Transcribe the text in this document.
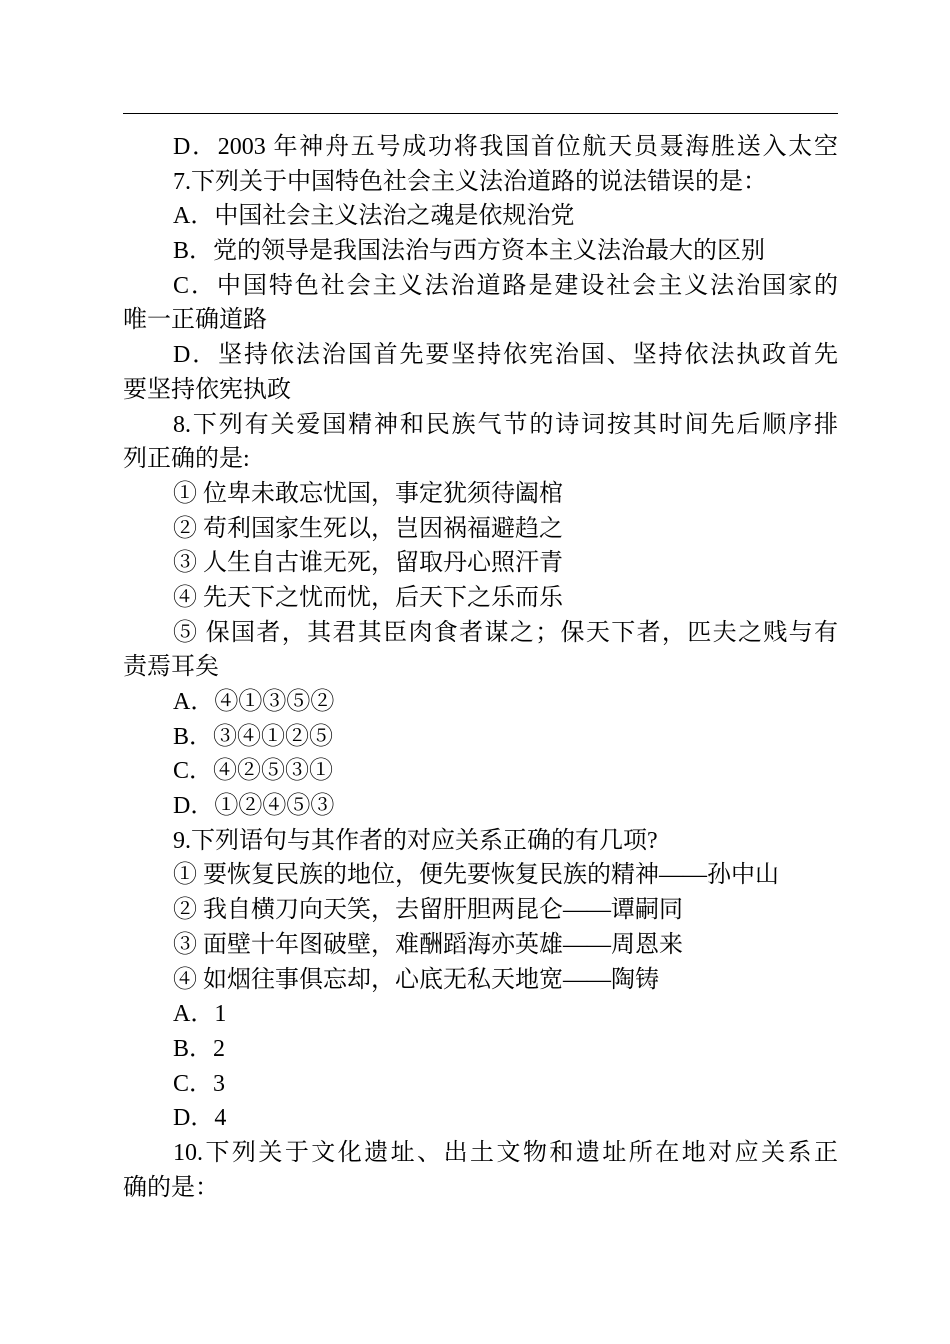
D．2003 年神舟五号成功将我国首位航天员聂海胜送入太空
7.下列关于中国特色社会主义法治道路的说法错误的是：
A．中国社会主义法治之魂是依规治党
B．党的领导是我国法治与西方资本主义法治最大的区别
C．中国特色社会主义法治道路是建设社会主义法治国家的
唯一正确道路
D．坚持依法治国首先要坚持依宪治国、坚持依法执政首先
要坚持依宪执政
8.下列有关爱国精神和民族气节的诗词按其时间先后顺序排
列正确的是:
① 位卑未敢忘忧国，事定犹须待阖棺
② 苟利国家生死以，岂因祸福避趋之
③ 人生自古谁无死，留取丹心照汗青
④ 先天下之忧而忧，后天下之乐而乐
⑤ 保国者，其君其臣肉食者谋之；保天下者，匹夫之贱与有
责焉耳矣
A．④①③⑤②
B．③④①②⑤
C．④②⑤③①
D．①②④⑤③
9.下列语句与其作者的对应关系正确的有几项?
① 要恢复民族的地位，便先要恢复民族的精神——孙中山
② 我自横刀向天笑，去留肝胆两昆仑——谭嗣同
③ 面壁十年图破壁，难酬蹈海亦英雄——周恩来
④ 如烟往事俱忘却，心底无私天地宽——陶铸
A．1
B．2
C．3
D．4
10.下列关于文化遗址、出土文物和遗址所在地对应关系正
确的是：
